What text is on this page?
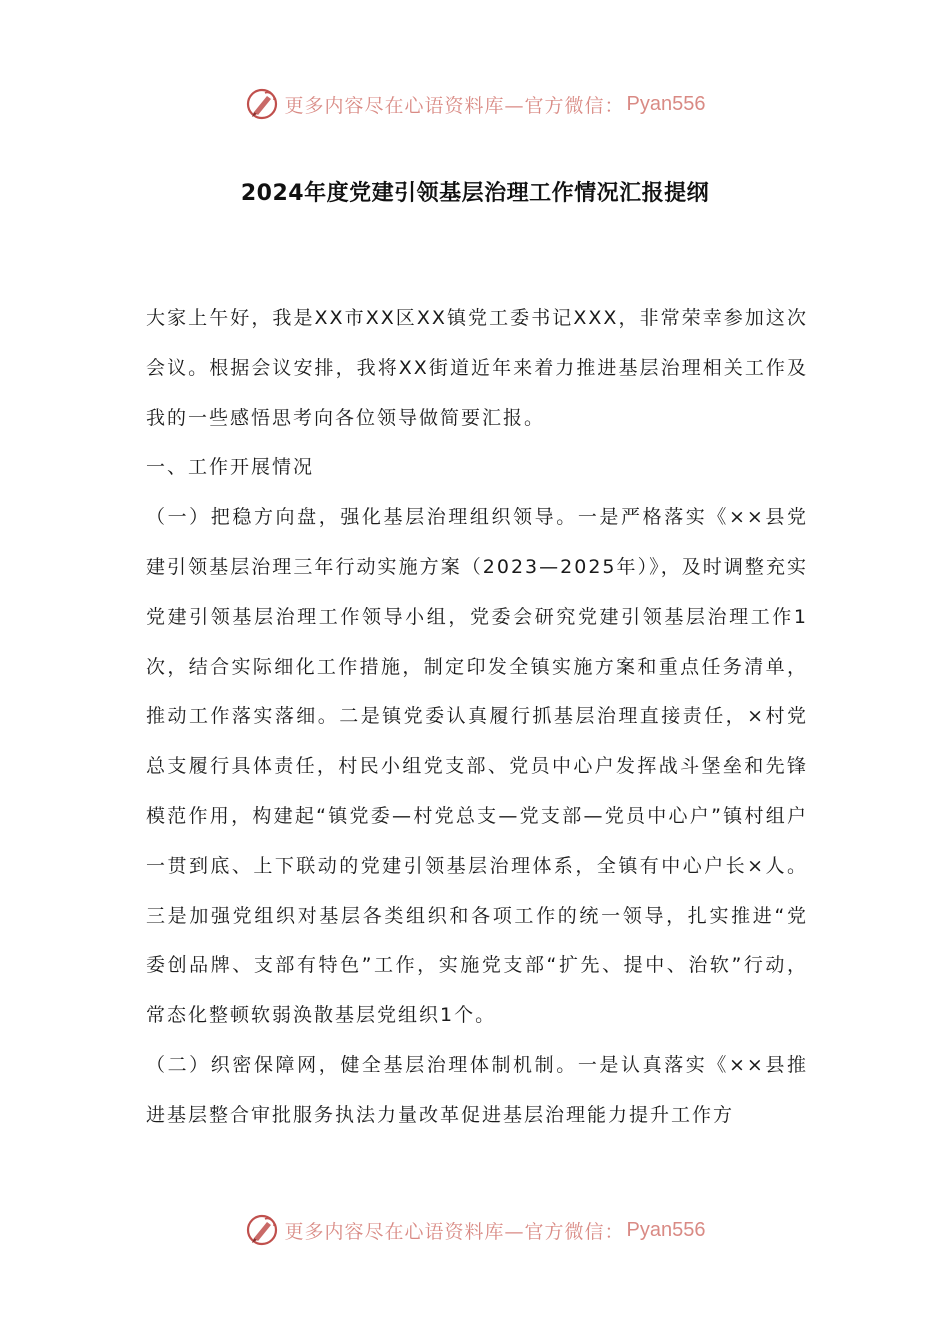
更多内容尽在心语资料库—官方微信： Pyan556
2024年度党建引领基层治理工作情况汇报提纲

大家上午好，我是XX市XX区XX镇党工委书记XXX，非常荣幸参加这次会议。根据会议安排，我将XX街道近年来着力推进基层治理相关工作及我的一些感悟思考向各位领导做简要汇报。

一、工作开展情况

（一）把稳方向盘，强化基层治理组织领导。一是严格落实《××县党建引领基层治理三年行动实施方案（2023—2025年）》，及时调整充实党建引领基层治理工作领导小组，党委会研究党建引领基层治理工作1次，结合实际细化工作措施，制定印发全镇实施方案和重点任务清单，推动工作落实落细。二是镇党委认真履行抓基层治理直接责任，×村党总支履行具体责任，村民小组党支部、党员中心户发挥战斗堡垒和先锋模范作用，构建起“镇党委—村党总支—党支部—党员中心户”镇村组户一贯到底、上下联动的党建引领基层治理体系，全镇有中心户长×人。三是加强党组织对基层各类组织和各项工作的统一领导，扎实推进“党委创品牌、支部有特色”工作，实施党支部“扩先、提中、治软”行动，常态化整顿软弱涣散基层党组织1个。

（二）织密保障网，健全基层治理体制机制。一是认真落实《××县推进基层整合审批服务执法力量改革促进基层治理能力提升工作方

更多内容尽在心语资料库—官方微信： Pyan556
